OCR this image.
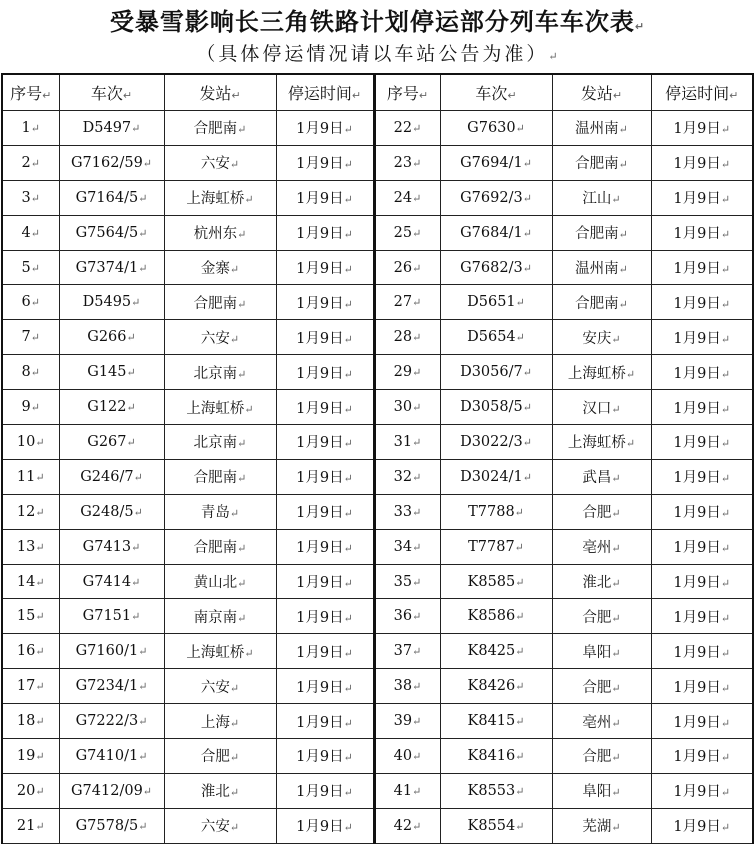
受暴雪影响长三角铁路计划停运部分列车车次表↵
（具体停运情况请以车站公告为准）↵
序号↵	车次↵	发站↵	停运时间↵	序号↵	车次↵	发站↵	停运时间↵
1↵	D5497↵	合肥南↵	1月9日↵	22↵	G7630↵	温州南↵	1月9日↵
2↵	G7162/59↵	六安↵	1月9日↵	23↵	G7694/1↵	合肥南↵	1月9日↵
3↵	G7164/5↵	上海虹桥↵	1月9日↵	24↵	G7692/3↵	江山↵	1月9日↵
4↵	G7564/5↵	杭州东↵	1月9日↵	25↵	G7684/1↵	合肥南↵	1月9日↵
5↵	G7374/1↵	金寨↵	1月9日↵	26↵	G7682/3↵	温州南↵	1月9日↵
6↵	D5495↵	合肥南↵	1月9日↵	27↵	D5651↵	合肥南↵	1月9日↵
7↵	G266↵	六安↵	1月9日↵	28↵	D5654↵	安庆↵	1月9日↵
8↵	G145↵	北京南↵	1月9日↵	29↵	D3056/7↵	上海虹桥↵	1月9日↵
9↵	G122↵	上海虹桥↵	1月9日↵	30↵	D3058/5↵	汉口↵	1月9日↵
10↵	G267↵	北京南↵	1月9日↵	31↵	D3022/3↵	上海虹桥↵	1月9日↵
11↵	G246/7↵	合肥南↵	1月9日↵	32↵	D3024/1↵	武昌↵	1月9日↵
12↵	G248/5↵	青岛↵	1月9日↵	33↵	T7788↵	合肥↵	1月9日↵
13↵	G7413↵	合肥南↵	1月9日↵	34↵	T7787↵	亳州↵	1月9日↵
14↵	G7414↵	黄山北↵	1月9日↵	35↵	K8585↵	淮北↵	1月9日↵
15↵	G7151↵	南京南↵	1月9日↵	36↵	K8586↵	合肥↵	1月9日↵
16↵	G7160/1↵	上海虹桥↵	1月9日↵	37↵	K8425↵	阜阳↵	1月9日↵
17↵	G7234/1↵	六安↵	1月9日↵	38↵	K8426↵	合肥↵	1月9日↵
18↵	G7222/3↵	上海↵	1月9日↵	39↵	K8415↵	亳州↵	1月9日↵
19↵	G7410/1↵	合肥↵	1月9日↵	40↵	K8416↵	合肥↵	1月9日↵
20↵	G7412/09↵	淮北↵	1月9日↵	41↵	K8553↵	阜阳↵	1月9日↵
21↵	G7578/5↵	六安↵	1月9日↵	42↵	K8554↵	芜湖↵	1月9日↵
